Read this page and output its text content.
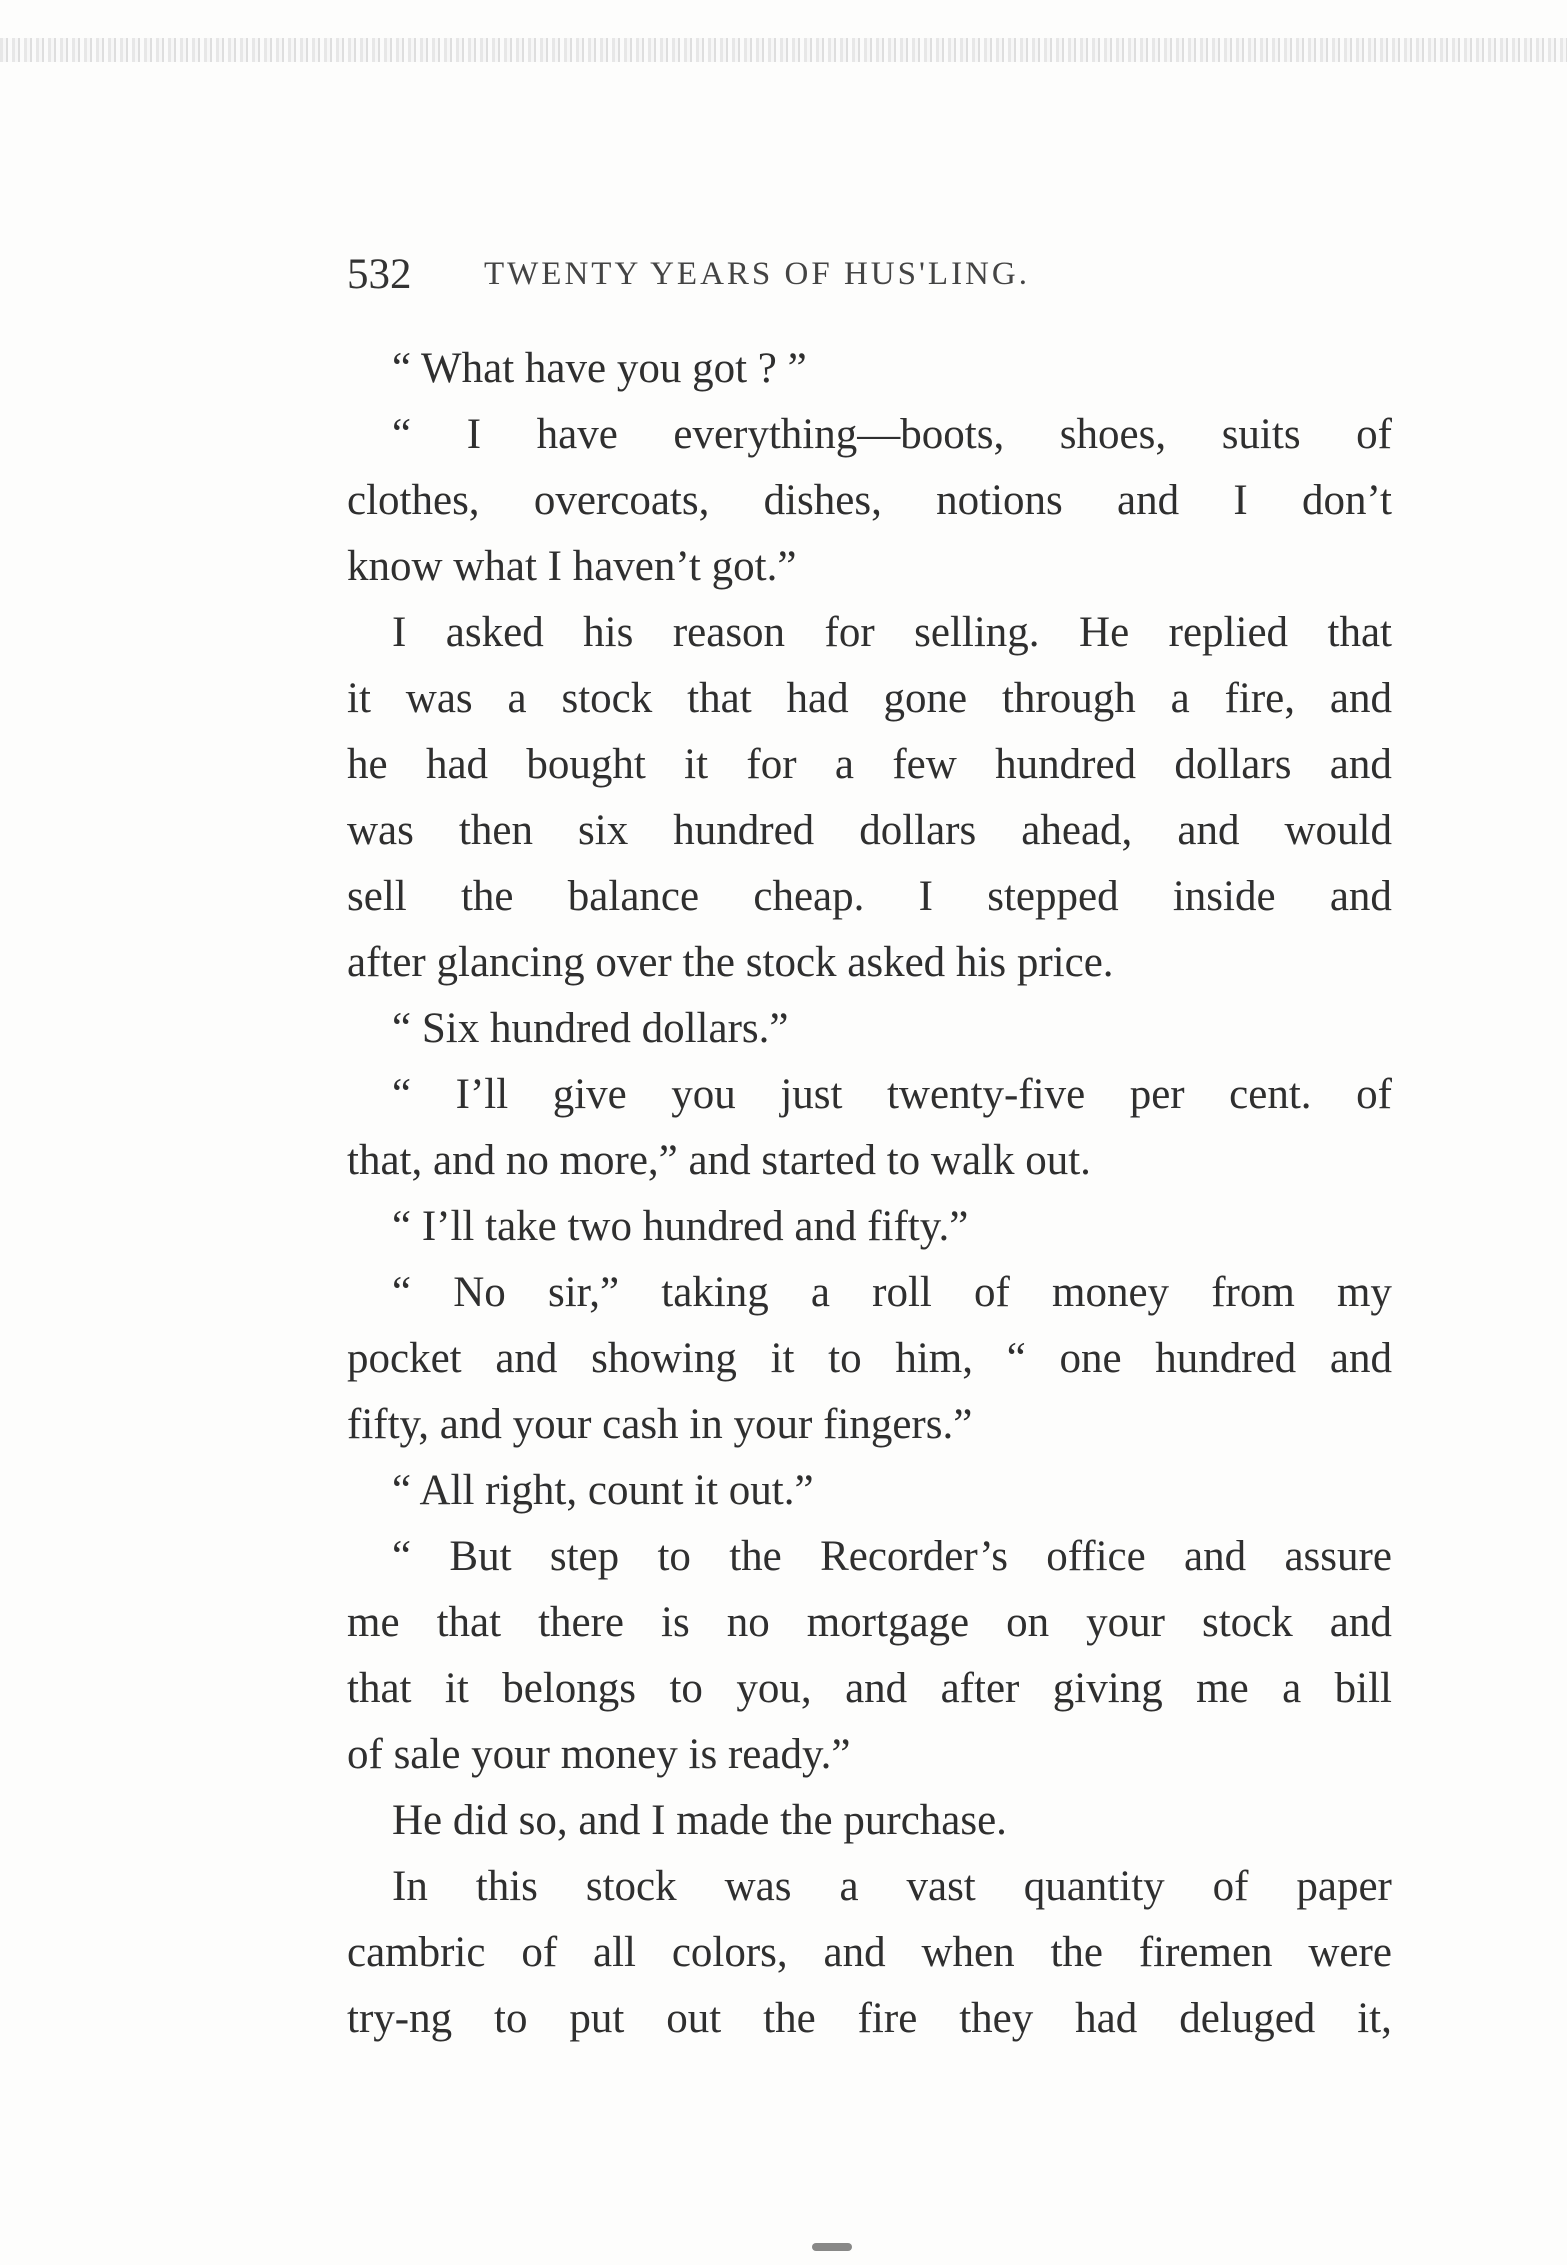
532 TWENTY YEARS OF HUS'LING.
“ What have you got ? ”
“ I have everything—boots, shoes, suits of
clothes, overcoats, dishes, notions and I don’t
know what I haven’t got.”
I asked his reason for selling. He replied that
it was a stock that had gone through a fire, and
he had bought it for a few hundred dollars and
was then six hundred dollars ahead, and would
sell the balance cheap. I stepped inside and
after glancing over the stock asked his price.
“ Six hundred dollars.”
“ I’ll give you just twenty-five per cent. of
that, and no more,” and started to walk out.
“ I’ll take two hundred and fifty.”
“ No sir,” taking a roll of money from my
pocket and showing it to him, “ one hundred and
fifty, and your cash in your fingers.”
“ All right, count it out.”
“ But step to the Recorder’s office and assure
me that there is no mortgage on your stock and
that it belongs to you, and after giving me a bill
of sale your money is ready.”
He did so, and I made the purchase.
In this stock was a vast quantity of paper
cambric of all colors, and when the firemen were
try‑ng to put out the fire they had deluged it,
